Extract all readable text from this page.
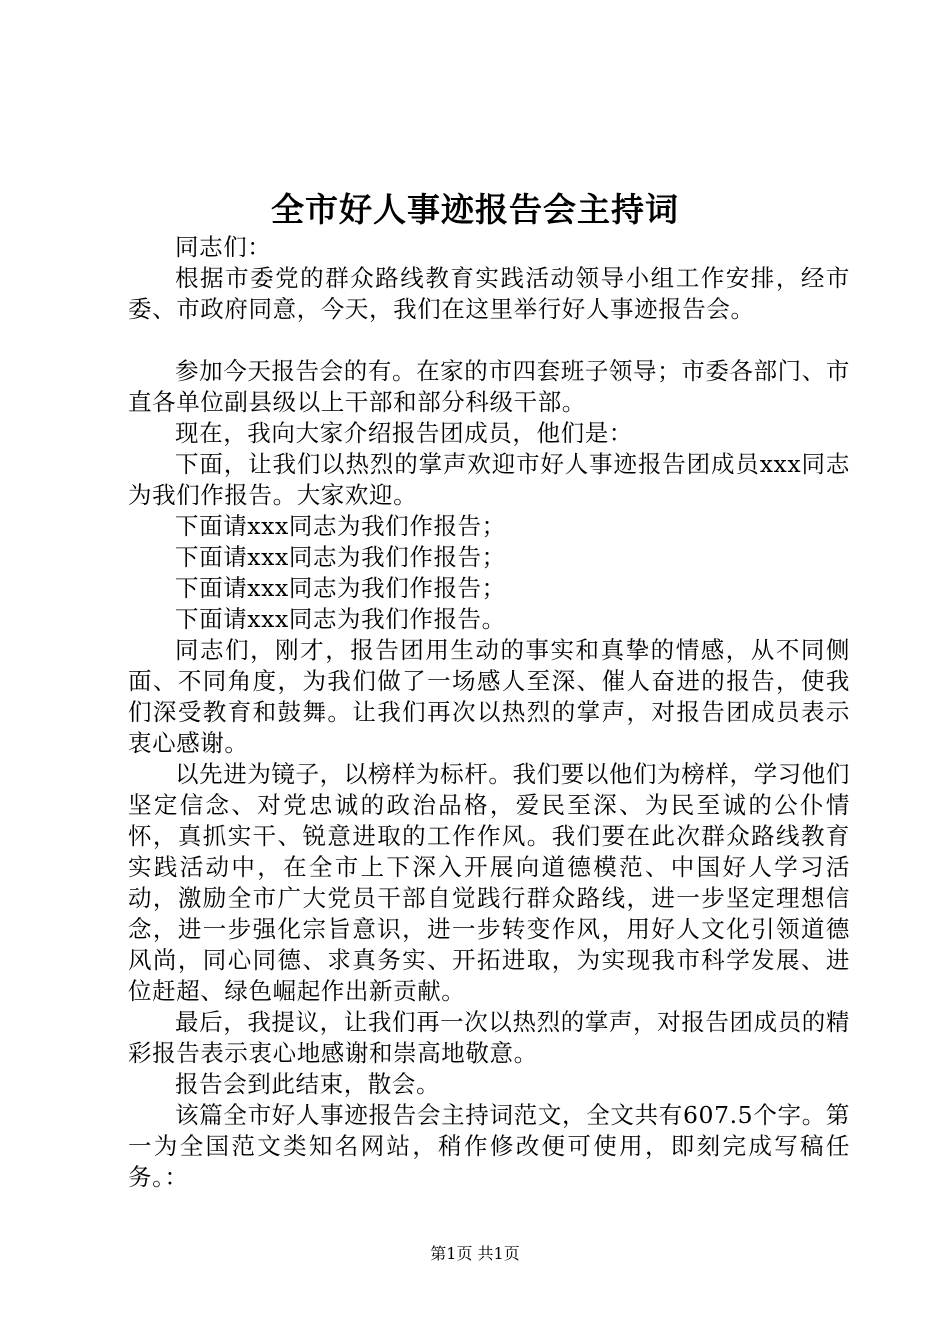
全市好人事迹报告会主持词

同志们：

根据市委党的群众路线教育实践活动领导小组工作安排，经市委、市政府同意，今天，我们在这里举行好人事迹报告会。

参加今天报告会的有。在家的市四套班子领导；市委各部门、市直各单位副县级以上干部和部分科级干部。

现在，我向大家介绍报告团成员，他们是：

下面，让我们以热烈的掌声欢迎市好人事迹报告团成员xxx同志为我们作报告。大家欢迎。

下面请xxx同志为我们作报告；

下面请xxx同志为我们作报告；

下面请xxx同志为我们作报告；

下面请xxx同志为我们作报告。

同志们，刚才，报告团用生动的事实和真挚的情感，从不同侧面、不同角度，为我们做了一场感人至深、催人奋进的报告，使我们深受教育和鼓舞。让我们再次以热烈的掌声，对报告团成员表示衷心感谢。

以先进为镜子，以榜样为标杆。我们要以他们为榜样，学习他们坚定信念、对党忠诚的政治品格，爱民至深、为民至诚的公仆情怀，真抓实干、锐意进取的工作作风。我们要在此次群众路线教育实践活动中，在全市上下深入开展向道德模范、中国好人学习活动，激励全市广大党员干部自觉践行群众路线，进一步坚定理想信念，进一步强化宗旨意识，进一步转变作风，用好人文化引领道德风尚，同心同德、求真务实、开拓进取，为实现我市科学发展、进位赶超、绿色崛起作出新贡献。

最后，我提议，让我们再一次以热烈的掌声，对报告团成员的精彩报告表示衷心地感谢和崇高地敬意。

报告会到此结束，散会。

该篇全市好人事迹报告会主持词范文，全文共有607.5个字。第一为全国范文类知名网站，稍作修改便可使用，即刻完成写稿任务。：

第1页 共1页
